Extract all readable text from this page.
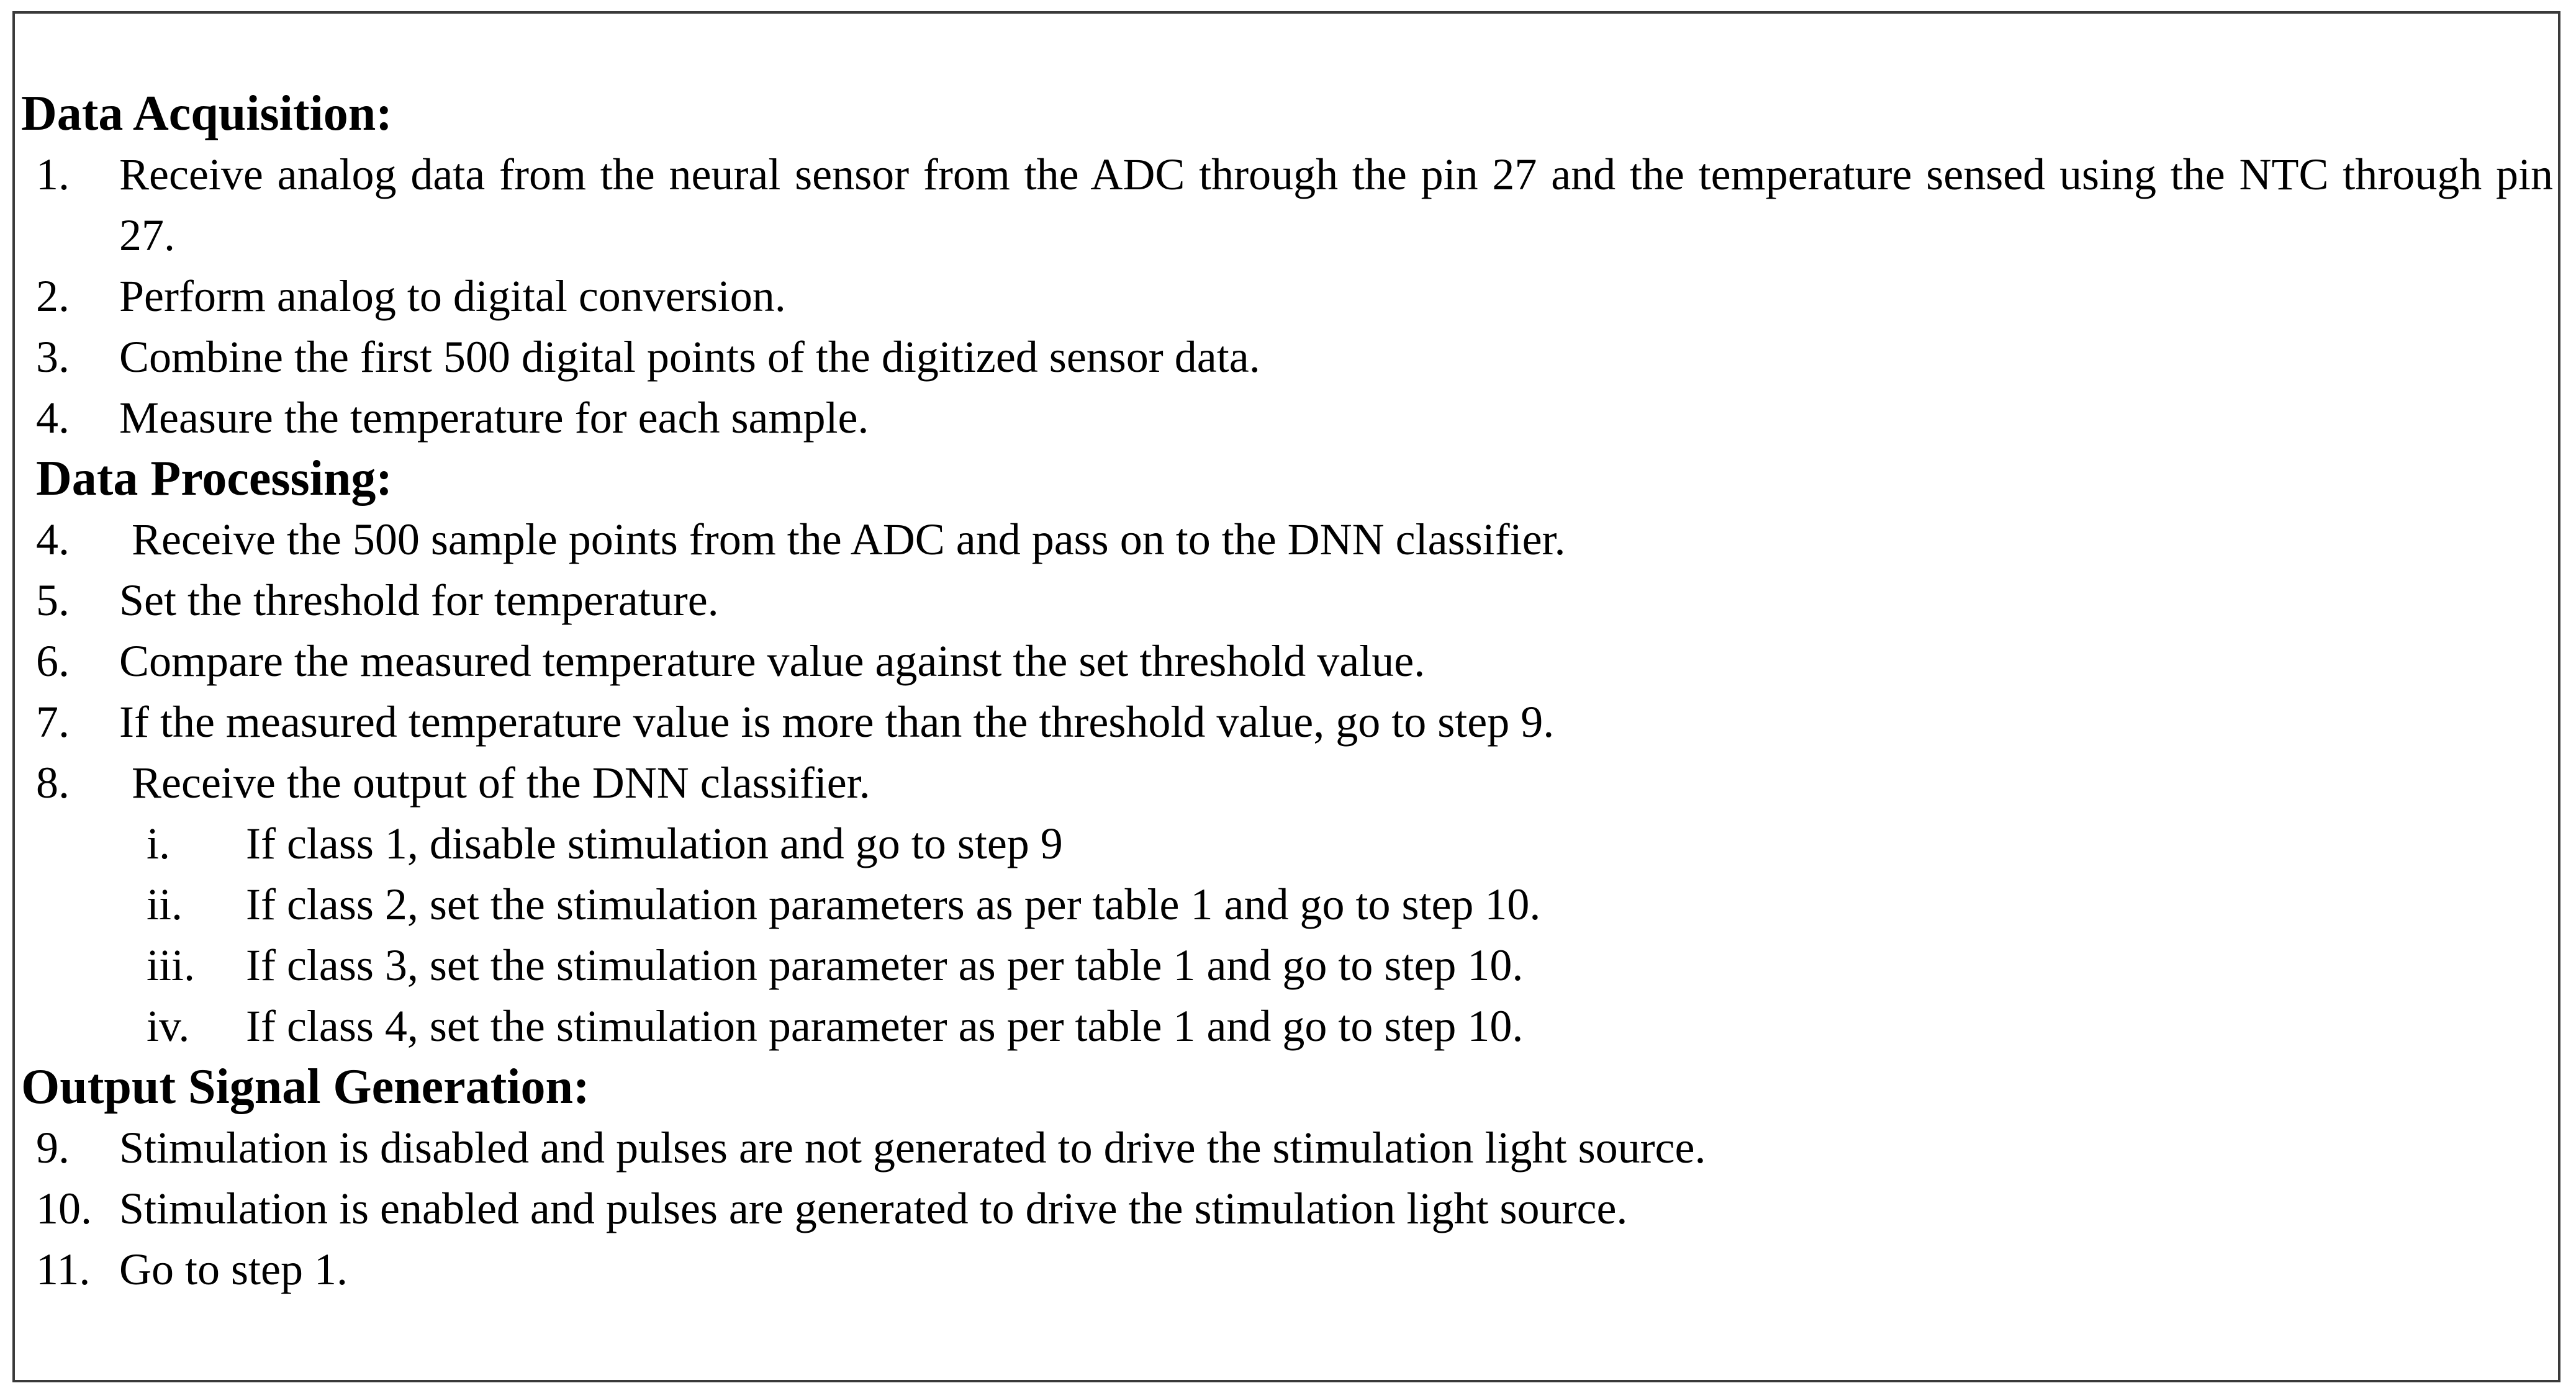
Data Acquisition:
1.	Receive analog data from the neural sensor from the ADC through the pin 27 and the temperature sensed using the NTC through pin 27.
2.	Perform analog to digital conversion.
3.	Combine the first 500 digital points of the digitized sensor data.
4.	Measure the temperature for each sample.
Data Processing:
4.	Receive the 500 sample points from the ADC and pass on to the DNN classifier.
5.	Set the threshold for temperature.
6.	Compare the measured temperature value against the set threshold value.
7.	If the measured temperature value is more than the threshold value, go to step 9.
8.	Receive the output of the DNN classifier.
i.	If class 1, disable stimulation and go to step 9
ii.	If class 2, set the stimulation parameters as per table 1 and go to step 10.
iii.	If class 3, set the stimulation parameter as per table 1 and go to step 10.
iv.	If class 4, set the stimulation parameter as per table 1 and go to step 10.
Output Signal Generation:
9.	Stimulation is disabled and pulses are not generated to drive the stimulation light source.
10. Stimulation is enabled and pulses are generated to drive the stimulation light source.
11. Go to step 1.
